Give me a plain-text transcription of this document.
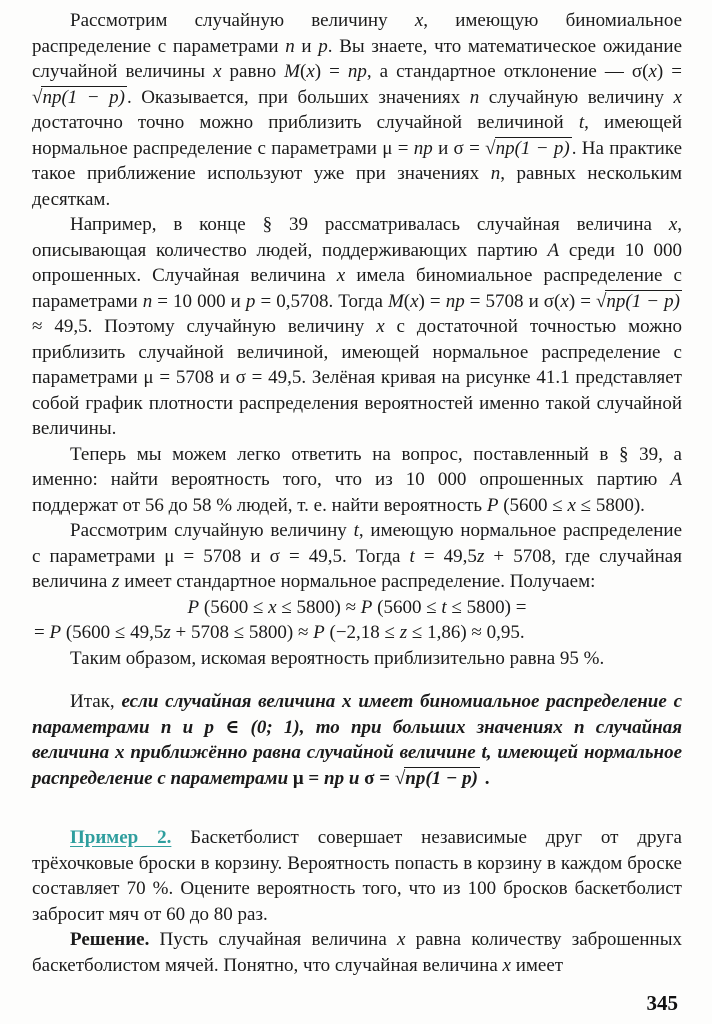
Рассмотрим случайную величину x, имеющую биномиальное распределение с параметрами n и p. Вы знаете, что математическое ожидание случайной величины x равно M(x) = np, а стандартное отклонение — σ(x) = √np(1 − p) . Оказывается, при больших значениях n случайную величину x достаточно точно можно приблизить случайной величиной t, имеющей нормальное распределение с параметрами μ = np и σ = √np(1 − p) . На практике такое приближение используют уже при значениях n, равных нескольким десяткам.

Например, в конце § 39 рассматривалась случайная величина x, описывающая количество людей, поддерживающих партию A среди 10 000 опрошенных. Случайная величина x имела биномиальное распределение с параметрами n = 10 000 и p = 0,5708. Тогда M(x) = np = 5708 и σ(x) = √np(1 − p) ≈ 49,5. Поэтому случайную величину x с достаточной точностью можно приблизить случайной величиной, имеющей нормальное распределение с параметрами μ = 5708 и σ = 49,5. Зелёная кривая на рисунке 41.1 представляет собой график плотности распределения вероятностей именно такой случайной величины.

Теперь мы можем легко ответить на вопрос, поставленный в § 39, а именно: найти вероятность того, что из 10 000 опрошенных партию A поддержат от 56 до 58 % людей, т. е. найти вероятность P (5600 ≤ x ≤ 5800).

Рассмотрим случайную величину t, имеющую нормальное распределение с параметрами μ = 5708 и σ = 49,5. Тогда t = 49,5z + 5708, где случайная величина z имеет стандартное нормальное распределение. Получаем:

P (5600 ≤ x ≤ 5800) ≈ P (5600 ≤ t ≤ 5800) =

= P (5600 ≤ 49,5z + 5708 ≤ 5800) ≈ P (−2,18 ≤ z ≤ 1,86) ≈ 0,95.

Таким образом, искомая вероятность приблизительно равна 95 %.

Итак, если случайная величина x имеет биномиальное распределение с параметрами n и p ∈ (0; 1), то при больших значениях n случайная величина x приближённо равна случайной величине t, имеющей нормальное распределение с параметрами μ = np и σ = √np(1 − p) .

Пример 2. Баскетболист совершает независимые друг от друга трёхочковые броски в корзину. Вероятность попасть в корзину в каждом броске составляет 70 %. Оцените вероятность того, что из 100 бросков баскетболист забросит мяч от 60 до 80 раз.

Решение. Пусть случайная величина x равна количеству заброшенных баскетболистом мячей. Понятно, что случайная величина x имеет

345
